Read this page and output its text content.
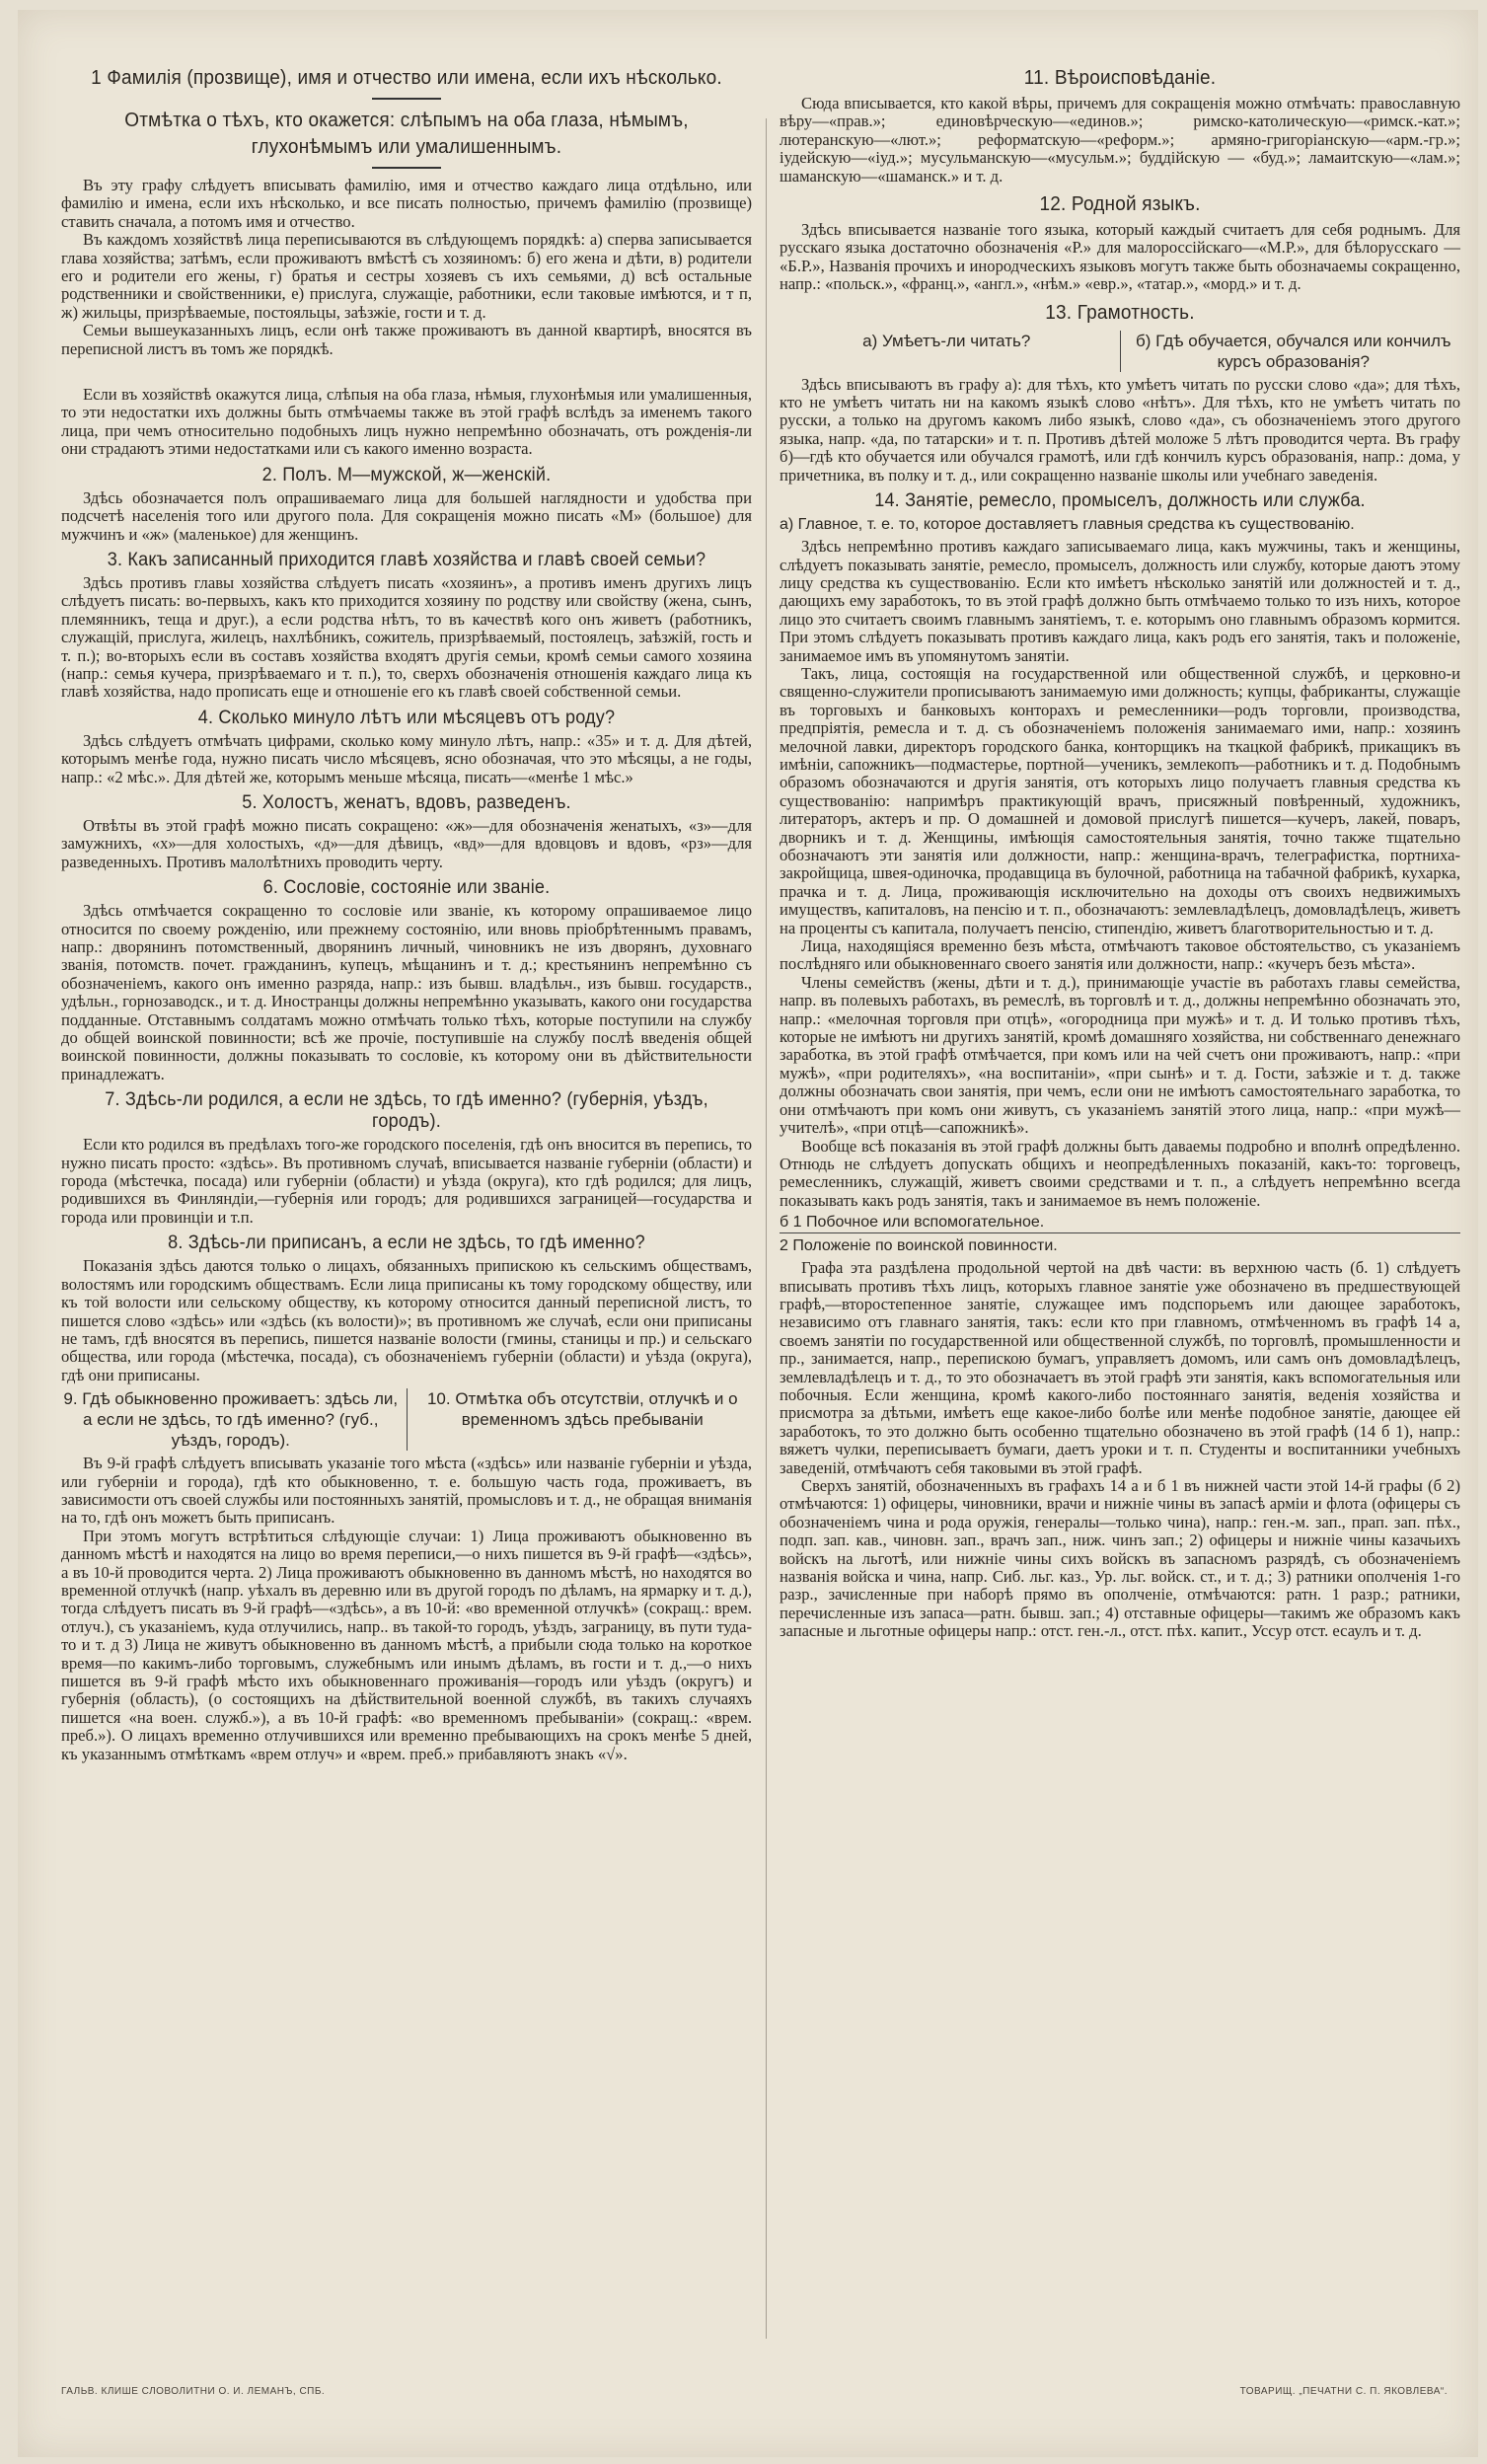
1 Фамилія (прозвище), имя и отчество или имена, если ихъ нѣсколько.
Отмѣтка о тѣхъ, кто окажется: слѣпымъ на оба глаза, нѣмымъ, глухонѣмымъ или умалишеннымъ.

Въ эту графу слѣдуетъ вписывать фамилію, имя и отчество каждаго лица отдѣльно, или фамилію и имена, если ихъ нѣсколько, и все писать полностью, причемъ фамилію (прозвище) ставить сначала, а потомъ имя и отчество.

Въ каждомъ хозяйствѣ лица переписываются въ слѣдующемъ порядкѣ: а) сперва записывается глава хозяйства; затѣмъ, если проживаютъ вмѣстѣ съ хозяиномъ: б) его жена и дѣти, в) родители его и родители его жены, г) братья и сестры хозяевъ съ ихъ семьями, д) всѣ остальные родственники и свойственники, е) прислуга, служащіе, работники, если таковые имѣются, и т п, ж) жильцы, призрѣваемые, постояльцы, заѣзжіе, гости и т. д.

Семьи вышеуказанныхъ лицъ, если онѣ также проживаютъ въ данной квартирѣ, вносятся въ переписной листъ въ томъ же порядкѣ.

Если въ хозяйствѣ окажутся лица, слѣпыя на оба глаза, нѣмыя, глухонѣмыя или умалишенныя, то эти недостатки ихъ должны быть отмѣчаемы также въ этой графѣ вслѣдъ за именемъ такого лица, при чемъ относительно подобныхъ лицъ нужно непремѣнно обозначать, отъ рожденія-ли они страдаютъ этими недостатками или съ какого именно возраста.

2. Полъ. М—мужской, ж—женскій.

Здѣсь обозначается полъ опрашиваемаго лица для большей наглядности и удобства при подсчетѣ населенія того или другого пола. Для сокращенія можно писать «М» (большое) для мужчинъ и «ж» (маленькое) для женщинъ.

3. Какъ записанный приходится главѣ хозяйства и главѣ своей семьи?

Здѣсь противъ главы хозяйства слѣдуетъ писать «хозяинъ», а противъ именъ другихъ лицъ слѣдуетъ писать: во-первыхъ, какъ кто приходится хозяину по родству или свойству (жена, сынъ, племянникъ, теща и друг.), а если родства нѣтъ, то въ качествѣ кого онъ живетъ (работникъ, служащій, прислуга, жилецъ, нахлѣбникъ, сожитель, призрѣваемый, постоялецъ, заѣзжій, гость и т. п.); во-вторыхъ если въ составъ хозяйства входятъ другія семьи, кромѣ семьи самого хозяина (напр.: семья кучера, призрѣваемаго и т. п.), то, сверхъ обозначенія отношенія каждаго лица къ главѣ хозяйства, надо прописать еще и отношеніе его къ главѣ своей собственной семьи.

4. Сколько минуло лѣтъ или мѣсяцевъ отъ роду?

Здѣсь слѣдуетъ отмѣчать цифрами, сколько кому минуло лѣтъ, напр.: «35» и т. д. Для дѣтей, которымъ менѣе года, нужно писать число мѣсяцевъ, ясно обозначая, что это мѣсяцы, а не годы, напр.: «2 мѣс.». Для дѣтей же, которымъ меньше мѣсяца, писать—«менѣе 1 мѣс.»

5. Холостъ, женатъ, вдовъ, разведенъ.

Отвѣты въ этой графѣ можно писать сокращено: «ж»—для обозначенія женатыхъ, «з»—для замужнихъ, «х»—для холостыхъ, «д»—для дѣвицъ, «вд»—для вдовцовъ и вдовъ, «рз»—для разведенныхъ. Противъ малолѣтнихъ проводить черту.

6. Сословіе, состояніе или званіе.

Здѣсь отмѣчается сокращенно то сословіе или званіе, къ которому опрашиваемое лицо относится по своему рожденію, или прежнему состоянію, или вновь пріобрѣтеннымъ правамъ, напр.: дворянинъ потомственный, дворянинъ личный, чиновникъ не изъ дворянъ, духовнаго званія, потомств. почет. гражданинъ, купецъ, мѣщанинъ и т. д.; крестьянинъ непремѣнно съ обозначеніемъ, какого онъ именно разряда, напр.: изъ бывш. владѣльч., изъ бывш. государств., удѣльн., горнозаводск., и т. д. Иностранцы должны непремѣнно указывать, какого они государства подданные. Отставнымъ солдатамъ можно отмѣчать только тѣхъ, которые поступили на службу до общей воинской повинности; всѣ же прочіе, поступившіе на службу послѣ введенія общей воинской повинности, должны показывать то сословіе, къ которому они въ дѣйствительности принадлежатъ.

7. Здѣсь-ли родился, а если не здѣсь, то гдѣ именно? (губернія, уѣздъ, городъ).

Если кто родился въ предѣлахъ того-же городского поселенія, гдѣ онъ вносится въ перепись, то нужно писать просто: «здѣсь». Въ противномъ случаѣ, вписывается названіе губерніи (области) и города (мѣстечка, посада) или губерніи (области) и уѣзда (округа), кто гдѣ родился; для лицъ, родившихся въ Финляндіи,—губернія или городъ; для родившихся заграницей—государства и города или провинціи и т.п.

8. Здѣсь-ли приписанъ, а если не здѣсь, то гдѣ именно?

Показанія здѣсь даются только о лицахъ, обязанныхъ припискою къ сельскимъ обществамъ, волостямъ или городскимъ обществамъ. Если лица приписаны къ тому городскому обществу, или къ той волости или сельскому обществу, къ которому относится данный переписной листъ, то пишется слово «здѣсь» или «здѣсь (къ волости)»; въ противномъ же случаѣ, если они приписаны не тамъ, гдѣ вносятся въ перепись, пишется названіе волости (гмины, станицы и пр.) и сельскаго общества, или города (мѣстечка, посада), съ обозначеніемъ губерніи (области) и уѣзда (округа), гдѣ они приписаны.

9. Гдѣ обыкновенно проживаетъ: здѣсь ли, а если не здѣсь, то гдѣ именно? (губ., уѣздъ, городъ).
10. Отмѣтка объ отсутствіи, отлучкѣ и о временномъ здѣсь пребываніи

Въ 9-й графѣ слѣдуетъ вписывать указаніе того мѣста («здѣсь» или названіе губерніи и уѣзда, или губерніи и города), гдѣ кто обыкновенно, т. е. большую часть года, проживаетъ, въ зависимости отъ своей службы или постоянныхъ занятій, промысловъ и т. д., не обращая вниманія на то, гдѣ онъ можетъ быть приписанъ.

При этомъ могутъ встрѣтиться слѣдующіе случаи: 1) Лица проживаютъ обыкновенно въ данномъ мѣстѣ и находятся на лицо во время переписи,—о нихъ пишется въ 9-й графѣ—«здѣсь», а въ 10-й проводится черта. 2) Лица проживаютъ обыкновенно въ данномъ мѣстѣ, но находятся во временной отлучкѣ (напр. уѣхалъ въ деревню или въ другой городъ по дѣламъ, на ярмарку и т. д.), тогда слѣдуетъ писать въ 9-й графѣ—«здѣсь», а въ 10-й: «во временной отлучкѣ» (сокращ.: врем. отлуч.), съ указаніемъ, куда отлучились, напр.. въ такой-то городъ, уѣздъ, заграницу, въ пути туда-то и т. д 3) Лица не живутъ обыкновенно въ данномъ мѣстѣ, а прибыли сюда только на короткое время—по какимъ-либо торговымъ, служебнымъ или инымъ дѣламъ, въ гости и т. д.,—о нихъ пишется въ 9-й графѣ мѣсто ихъ обыкновеннаго проживанія—городъ или уѣздъ (округъ) и губернія (область), (о состоящихъ на дѣйствительной военной службѣ, въ такихъ случаяхъ пишется «на воен. служб.»), а въ 10-й графѣ: «во временномъ пребываніи» (сокращ.: «врем. преб.»). О лицахъ временно отлучившихся или временно пребывающихъ на срокъ менѣе 5 дней, къ указаннымъ отмѣткамъ «врем отлуч» и «врем. преб.» прибавляютъ знакъ «√».

11. Вѣроисповѣданіе.

Сюда вписывается, кто какой вѣры, причемъ для сокращенія можно отмѣчать: православную вѣру—«прав.»; единовѣрческую—«единов.»; римско-католическую—«римск.-кат.»; лютеранскую—«лют.»; реформатскую—«реформ.»; армяно-григоріанскую—«арм.-гр.»; іудейскую—«іуд.»; мусульманскую—«мусульм.»; буддійскую — «буд.»; ламаитскую—«лам.»; шаманскую—«шаманск.» и т. д.

12. Родной языкъ.

Здѣсь вписывается названіе того языка, который каждый считаетъ для себя роднымъ. Для русскаго языка достаточно обозначенія «Р.» для малороссійскаго—«М.Р.», для бѣлорусскаго — «Б.Р.», Названія прочихъ и инородческихъ языковъ могутъ также быть обозначаемы сокращенно, напр.: «польск.», «франц.», «англ.», «нѣм.» «евр.», «татар.», «морд.» и т. д.

13. Грамотность.
а) Умѣетъ-ли читать?	б) Гдѣ обучается, обучался или кончилъ курсъ образованія?

Здѣсь вписываютъ въ графу а): для тѣхъ, кто умѣетъ читать по русски слово «да»; для тѣхъ, кто не умѣетъ читать ни на какомъ языкѣ слово «нѣтъ». Для тѣхъ, кто не умѣетъ читать по русски, а только на другомъ какомъ либо языкѣ, слово «да», съ обозначеніемъ этого другого языка, напр. «да, по татарски» и т. п. Противъ дѣтей моложе 5 лѣтъ проводится черта. Въ графу б)—гдѣ кто обучается или обучался грамотѣ, или гдѣ кончилъ курсъ образованія, напр.: дома, у причетника, въ полку и т. д., или сокращенно названіе школы или учебнаго заведенія.

14. Занятіе, ремесло, промыселъ, должность или служба.
а) Главное, т. е. то, которое доставляетъ главныя средства къ существованію.

Здѣсь непремѣнно противъ каждаго записываемаго лица, какъ мужчины, такъ и женщины, слѣдуетъ показывать занятіе, ремесло, промыселъ, должность или службу, которые даютъ этому лицу средства къ существованію. Если кто имѣетъ нѣсколько занятій или должностей и т. д., дающихъ ему заработокъ, то въ этой графѣ должно быть отмѣчаемо только то изъ нихъ, которое лицо это считаетъ своимъ главнымъ занятіемъ, т. е. которымъ оно главнымъ образомъ кормится. При этомъ слѣдуетъ показывать противъ каждаго лица, какъ родъ его занятія, такъ и положеніе, занимаемое имъ въ упомянутомъ занятіи.

Такъ, лица, состоящія на государственной или общественной службѣ, и церковно-и священно-служители прописываютъ занимаемую ими должность; купцы, фабриканты, служащіе въ торговыхъ и банковыхъ конторахъ и ремесленники—родъ торговли, производства, предпріятія, ремесла и т. д. съ обозначеніемъ положенія занимаемаго ими, напр.: хозяинъ мелочной лавки, директоръ городского банка, конторщикъ на ткацкой фабрикѣ, прикащикъ въ имѣніи, сапожникъ—подмастерье, портной—ученикъ, землекопъ—работникъ и т. д. Подобнымъ образомъ обозначаются и другія занятія, отъ которыхъ лицо получаетъ главныя средства къ существованію: напримѣръ практикующій врачъ, присяжный повѣренный, художникъ, литераторъ, актеръ и пр. О домашней и домовой прислугѣ пишется—кучеръ, лакей, поваръ, дворникъ и т. д. Женщины, имѣющія самостоятельныя занятія, точно также тщательно обозначаютъ эти занятія или должности, напр.: женщина-врачъ, телеграфистка, портниха-закройщица, швея-одиночка, продавщица въ булочной, работница на табачной фабрикѣ, кухарка, прачка и т. д. Лица, проживающія исключительно на доходы отъ своихъ недвижимыхъ имуществъ, капиталовъ, на пенсію и т. п., обозначаютъ: землевладѣлецъ, домовладѣлецъ, живетъ на проценты съ капитала, получаетъ пенсію, стипендію, живетъ благотворительностью и т. д.

Лица, находящіяся временно безъ мѣста, отмѣчаютъ таковое обстоятельство, съ указаніемъ послѣдняго или обыкновеннаго своего занятія или должности, напр.: «кучеръ безъ мѣста».

Члены семействъ (жены, дѣти и т. д.), принимающіе участіе въ работахъ главы семейства, напр. въ полевыхъ работахъ, въ ремеслѣ, въ торговлѣ и т. д., должны непремѣнно обозначать это, напр.: «мелочная торговля при отцѣ», «огородница при мужѣ» и т. д. И только противъ тѣхъ, которые не имѣютъ ни другихъ занятій, кромѣ домашняго хозяйства, ни собственнаго денежнаго заработка, въ этой графѣ отмѣчается, при комъ или на чей счетъ они проживаютъ, напр.: «при мужѣ», «при родителяхъ», «на воспитаніи», «при сынѣ» и т. д. Гости, заѣзжіе и т. д. также должны обозначать свои занятія, при чемъ, если они не имѣютъ самостоятельнаго заработка, то они отмѣчаютъ при комъ они живутъ, съ указаніемъ занятій этого лица, напр.: «при мужѣ—учителѣ», «при отцѣ—сапожникѣ».

Вообще всѣ показанія въ этой графѣ должны быть даваемы подробно и вполнѣ опредѣленно. Отнюдь не слѣдуетъ допускать общихъ и неопредѣленныхъ показаній, какъ-то: торговецъ, ремесленникъ, служащій, живетъ своими средствами и т. п., а слѣдуетъ непремѣнно всегда показывать какъ родъ занятія, такъ и занимаемое въ немъ положеніе.

б 1 Побочное или вспомогательное.
2 Положеніе по воинской повинности.

Графа эта раздѣлена продольной чертой на двѣ части: въ верхнюю часть (б. 1) слѣдуетъ вписывать противъ тѣхъ лицъ, которыхъ главное занятіе уже обозначено въ предшествующей графѣ,—второстепенное занятіе, служащее имъ подспорьемъ или дающее заработокъ, независимо отъ главнаго занятія, такъ: если кто при главномъ, отмѣченномъ въ графѣ 14 а, своемъ занятіи по государственной или общественной службѣ, по торговлѣ, промышленности и пр., занимается, напр., перепискою бумагъ, управляетъ домомъ, или самъ онъ домовладѣлецъ, землевладѣлецъ и т. д., то это обозначаетъ въ этой графѣ эти занятія, какъ вспомогательныя или побочныя. Если женщина, кромѣ какого-либо постояннаго занятія, веденія хозяйства и присмотра за дѣтьми, имѣетъ еще какое-либо болѣе или менѣе подобное занятіе, дающее ей заработокъ, то это должно быть особенно тщательно обозначено въ этой графѣ (14 б 1), напр.: вяжетъ чулки, переписываетъ бумаги, даетъ уроки и т. п. Студенты и воспитанники учебныхъ заведеній, отмѣчаютъ себя таковыми въ этой графѣ.

Сверхъ занятій, обозначенныхъ въ графахъ 14 а и б 1 въ нижней части этой 14-й графы (б 2) отмѣчаются: 1) офицеры, чиновники, врачи и нижніе чины въ запасѣ арміи и флота (офицеры съ обозначеніемъ чина и рода оружія, генералы—только чина), напр.: ген.-м. зап., прап. зап. пѣх., подп. зап. кав., чиновн. зап., врачъ зап., ниж. чинъ зап.; 2) офицеры и нижніе чины казачьихъ войскъ на льготѣ, или нижніе чины сихъ войскъ въ запасномъ разрядѣ, съ обозначеніемъ названія войска и чина, напр. Сиб. льг. каз., Ур. льг. войск. ст., и т. д.; 3) ратники ополченія 1-го разр., зачисленные при наборѣ прямо въ ополченіе, отмѣчаются: ратн. 1 разр.; ратники, перечисленные изъ запаса—ратн. бывш. зап.; 4) отставные офицеры—такимъ же образомъ какъ запасные и льготные офицеры напр.: отст. ген.-л., отст. пѣх. капит., Уссур отст. есаулъ и т. д.

ГАЛЬВ. КЛИШЕ СЛОВОЛИТНИ О. И. ЛЕМАНЪ, СПБ.	ТОВАРИЩ. „ПЕЧАТНИ С. П. ЯКОВЛЕВА“.
